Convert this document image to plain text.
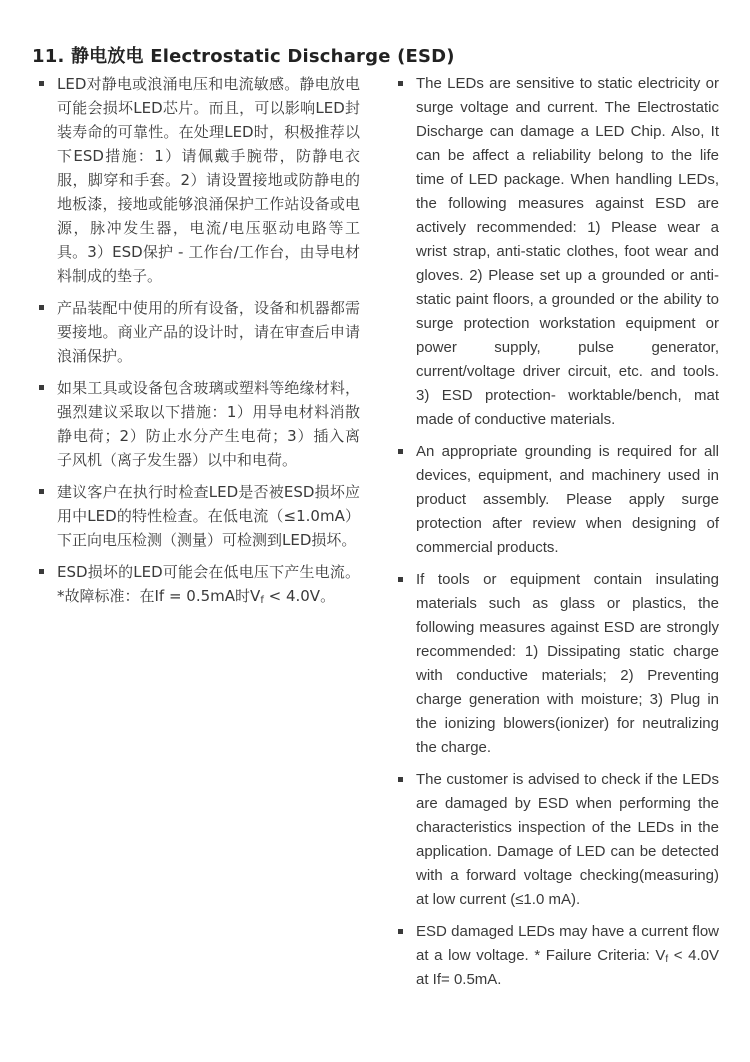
11. 静电放电 Electrostatic Discharge (ESD)
LED对静电或浪涌电压和电流敏感。静电放电可能会损坏LED芯片。而且，可以影响LED封装寿命的可靠性。在处理LED时，积极推荐以下ESD措施：1）请佩戴手腕带，防静电衣服，脚穿和手套。2）请设置接地或防静电的地板漆，接地或能够浪涌保护工作站设备或电源，脉冲发生器，电流/电压驱动电路等工具。3）ESD保护 - 工作台/工作台，由导电材料制成的垫子。
产品装配中使用的所有设备，设备和机器都需要接地。商业产品的设计时，请在审查后申请浪涌保护。
如果工具或设备包含玻璃或塑料等绝缘材料，强烈建议采取以下措施：1）用导电材料消散静电荷；2）防止水分产生电荷；3）插入离子风机（离子发生器）以中和电荷。
建议客户在执行时检查LED是否被ESD损坏应用中LED的特性检查。在低电流（≤1.0mA）下正向电压检测（测量）可检测到LED损坏。
ESD损坏的LED可能会在低电压下产生电流。*故障标准：在If = 0.5mA时$V_f < 4.0V$。
The LEDs are sensitive to static electricity or surge voltage and current. The Electrostatic Discharge can damage a LED Chip. Also, It can be affect a reliability belong to the life time of LED package. When handling LEDs, the following measures against ESD are actively recommended: 1) Please wear a wrist strap, anti-static clothes, foot wear and gloves. 2) Please set up a grounded or anti-static paint floors, a grounded or the ability to surge protection workstation equipment or power supply, pulse generator, current/voltage driver circuit, etc. and tools. 3) ESD protection- worktable/bench, mat made of conductive materials.
An appropriate grounding is required for all devices, equipment, and machinery used in product assembly. Please apply surge protection after review when designing of commercial products.
If tools or equipment contain insulating materials such as glass or plastics, the following measures against ESD are strongly recommended: 1) Dissipating static charge with conductive materials; 2) Preventing charge generation with moisture; 3) Plug in the ionizing blowers(ionizer) for neutralizing the charge.
The customer is advised to check if the LEDs are damaged by ESD when performing the characteristics inspection of the LEDs in the application. Damage of LED can be detected with a forward voltage checking(measuring) at low current (≤1.0 mA).
ESD damaged LEDs may have a current flow at a low voltage. * Failure Criteria: $V_f < 4.0V$ at If= 0.5mA.
